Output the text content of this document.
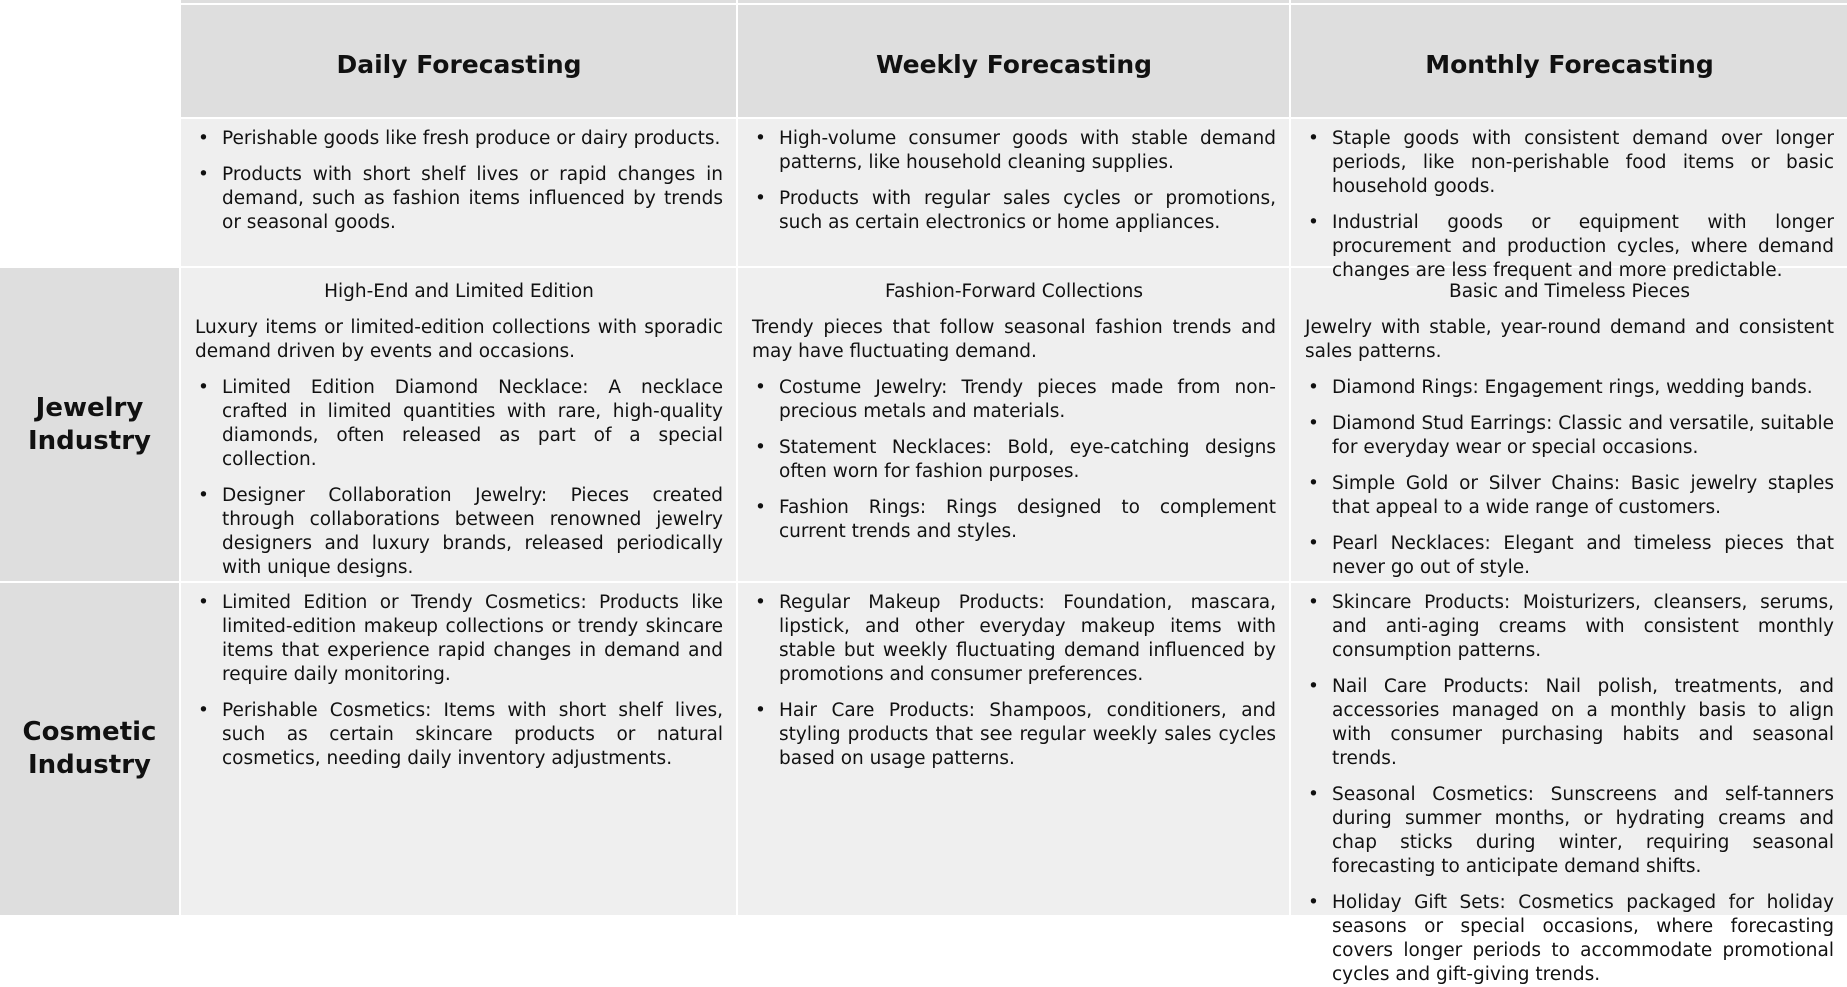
Daily Forecasting	Weekly Forecasting	Monthly Forecasting
• Perishable goods like fresh produce or dairy products.
• Products with short shelf lives or rapid changes in demand, such as fashion items influenced by trends or seasonal goods.
• High-volume consumer goods with stable demand patterns, like household cleaning supplies.
• Products with regular sales cycles or promotions, such as certain electronics or home appliances.
• Staple goods with consistent demand over longer periods, like non-perishable food items or basic household goods.
• Industrial goods or equipment with longer procurement and production cycles, where demand changes are less frequent and more predictable.
Jewelry
Industry
High-End and Limited Edition
Luxury items or limited-edition collections with sporadic demand driven by events and occasions.
• Limited Edition Diamond Necklace: A necklace crafted in limited quantities with rare, high-quality diamonds, often released as part of a special collection.
• Designer Collaboration Jewelry: Pieces created through collaborations between renowned jewelry designers and luxury brands, released periodically with unique designs.
Fashion-Forward Collections
Trendy pieces that follow seasonal fashion trends and may have fluctuating demand.
• Costume Jewelry: Trendy pieces made from non-precious metals and materials.
• Statement Necklaces: Bold, eye-catching designs often worn for fashion purposes.
• Fashion Rings: Rings designed to complement current trends and styles.
Basic and Timeless Pieces
Jewelry with stable, year-round demand and consistent sales patterns.
• Diamond Rings: Engagement rings, wedding bands.
• Diamond Stud Earrings: Classic and versatile, suitable for everyday wear or special occasions.
• Simple Gold or Silver Chains: Basic jewelry staples that appeal to a wide range of customers.
• Pearl Necklaces: Elegant and timeless pieces that never go out of style.
Cosmetic
Industry
• Limited Edition or Trendy Cosmetics: Products like limited-edition makeup collections or trendy skincare items that experience rapid changes in demand and require daily monitoring.
• Perishable Cosmetics: Items with short shelf lives, such as certain skincare products or natural cosmetics, needing daily inventory adjustments.
• Regular Makeup Products: Foundation, mascara, lipstick, and other everyday makeup items with stable but weekly fluctuating demand influenced by promotions and consumer preferences.
• Hair Care Products: Shampoos, conditioners, and styling products that see regular weekly sales cycles based on usage patterns.
• Skincare Products: Moisturizers, cleansers, serums, and anti-aging creams with consistent monthly consumption patterns.
• Nail Care Products: Nail polish, treatments, and accessories managed on a monthly basis to align with consumer purchasing habits and seasonal trends.
• Seasonal Cosmetics: Sunscreens and self-tanners during summer months, or hydrating creams and chap sticks during winter, requiring seasonal forecasting to anticipate demand shifts.
• Holiday Gift Sets: Cosmetics packaged for holiday seasons or special occasions, where forecasting covers longer periods to accommodate promotional cycles and gift-giving trends.
